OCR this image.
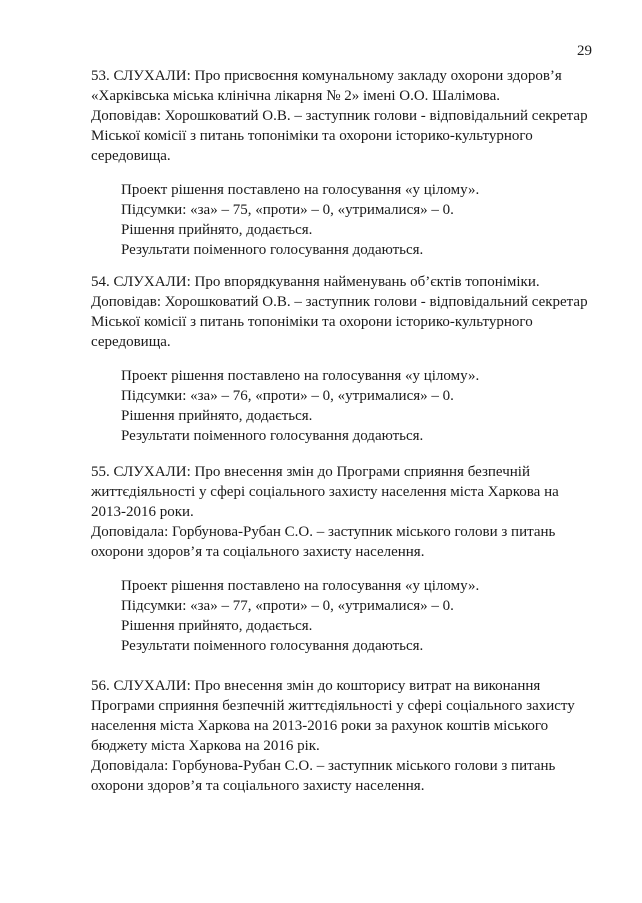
29

53. СЛУХАЛИ: Про присвоєння комунальному закладу охорони здоров’я «Харківська міська клінічна лікарня № 2» імені О.О. Шалімова.

Доповідав: Хорошковатий О.В. – заступник голови - відповідальний секретар Міської комісії з питань топоніміки та охорони історико-культурного середовища.

Проект рішення поставлено на голосування «у цілому».

Підсумки: «за» – 75, «проти» – 0, «утрималися» – 0.

Рішення прийнято, додається.

Результати поіменного голосування додаються.

54. СЛУХАЛИ: Про впорядкування найменувань об’єктів топоніміки.

Доповідав: Хорошковатий О.В. – заступник голови - відповідальний секретар Міської комісії з питань топоніміки та охорони історико-культурного середовища.

Проект рішення поставлено на голосування «у цілому».

Підсумки: «за» – 76, «проти» – 0, «утрималися» – 0.

Рішення прийнято, додається.

Результати поіменного голосування додаються.

55. СЛУХАЛИ: Про внесення змін до Програми сприяння безпечній життєдіяльності у сфері соціального захисту населення міста Харкова на 2013-2016 роки.

Доповідала: Горбунова-Рубан С.О. – заступник міського голови з питань охорони здоров’я та соціального захисту населення.

Проект рішення поставлено на голосування «у цілому».

Підсумки: «за» – 77, «проти» – 0, «утрималися» – 0.

Рішення прийнято, додається.

Результати поіменного голосування додаються.

56. СЛУХАЛИ: Про внесення змін до кошторису витрат на виконання Програми сприяння безпечній життєдіяльності у сфері соціального захисту населення міста Харкова на 2013-2016 роки за рахунок коштів міського бюджету міста Харкова на 2016 рік.

Доповідала: Горбунова-Рубан С.О. – заступник міського голови з питань охорони здоров’я та соціального захисту населення.
